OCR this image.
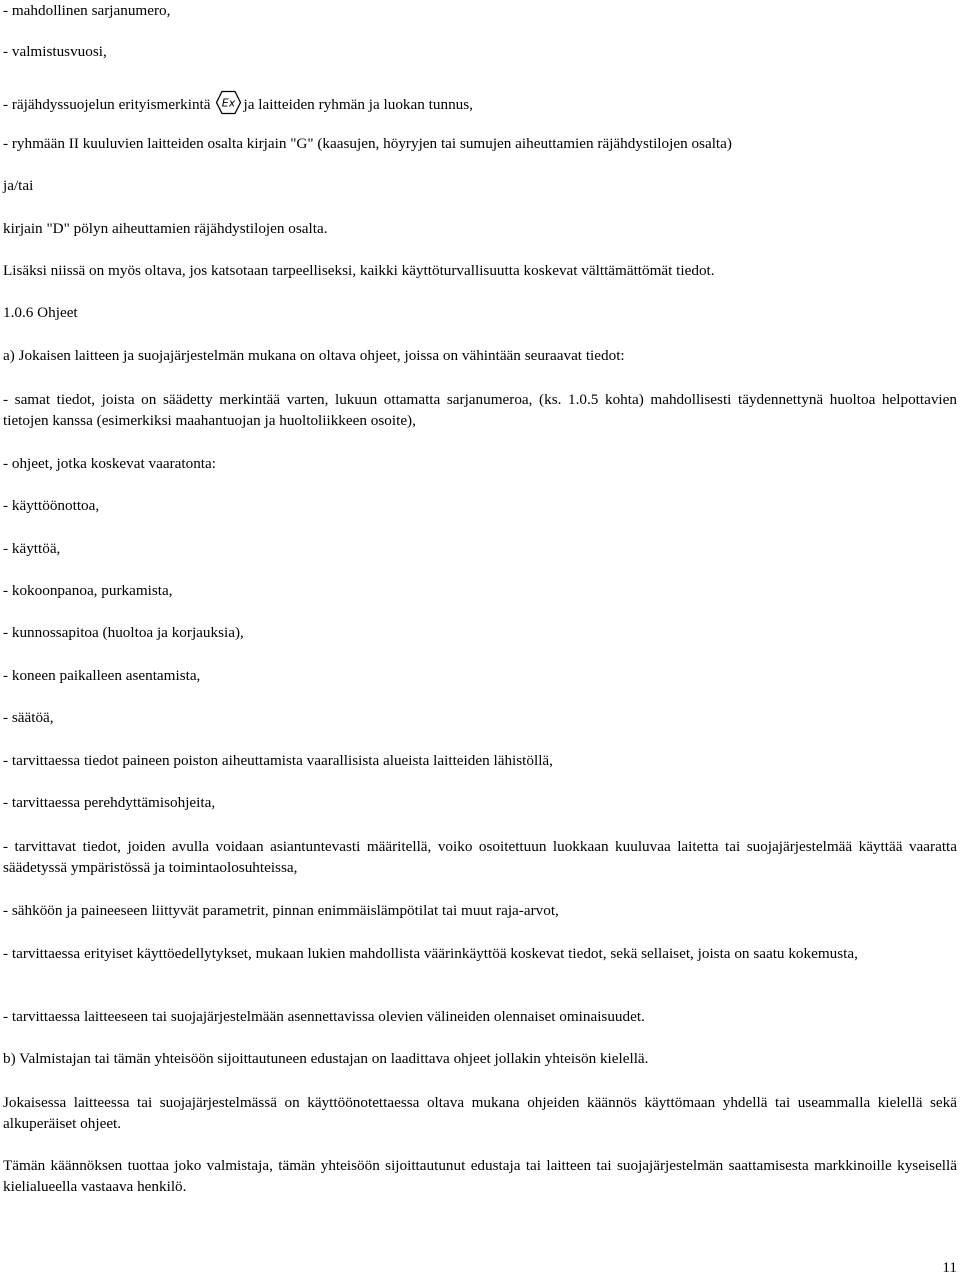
- mahdollinen sarjanumero,
- valmistusvuosi,
- räjähdyssuojelun erityismerkintä Ex ja laitteiden ryhmän ja luokan tunnus,
- ryhmään II kuuluvien laitteiden osalta kirjain "G" (kaasujen, höyryjen tai sumujen aiheuttamien räjähdystilojen osalta)
ja/tai
kirjain "D" pölyn aiheuttamien räjähdystilojen osalta.
Lisäksi niissä on myös oltava, jos katsotaan tarpeelliseksi, kaikki käyttöturvallisuutta koskevat välttämättömät tiedot.
1.0.6 Ohjeet
a) Jokaisen laitteen ja suojajärjestelmän mukana on oltava ohjeet, joissa on vähintään seuraavat tiedot:
- samat tiedot, joista on säädetty merkintää varten, lukuun ottamatta sarjanumeroa, (ks. 1.0.5 kohta) mahdollisesti täydennettynä huoltoa helpottavien tietojen kanssa (esimerkiksi maahantuojan ja huoltoliikkeen osoite),
- ohjeet, jotka koskevat vaaratonta:
- käyttöönottoa,
- käyttöä,
- kokoonpanoa, purkamista,
- kunnossapitoa (huoltoa ja korjauksia),
- koneen paikalleen asentamista,
- säätöä,
- tarvittaessa tiedot paineen poiston aiheuttamista vaarallisista alueista laitteiden lähistöllä,
- tarvittaessa perehdyttämisohjeita,
- tarvittavat tiedot, joiden avulla voidaan asiantuntevasti määritellä, voiko osoitettuun luokkaan kuuluvaa laitetta tai suojajärjestelmää käyttää vaaratta säädetyssä ympäristössä ja toimintaolosuhteissa,
- sähköön ja paineeseen liittyvät parametrit, pinnan enimmäislämpötilat tai muut raja-arvot,
- tarvittaessa erityiset käyttöedellytykset, mukaan lukien mahdollista väärinkäyttöä koskevat tiedot, sekä sellaiset, joista on saatu kokemusta,
- tarvittaessa laitteeseen tai suojajärjestelmään asennettavissa olevien välineiden olennaiset ominaisuudet.
b) Valmistajan tai tämän yhteisöön sijoittautuneen edustajan on laadittava ohjeet jollakin yhteisön kielellä.
Jokaisessa laitteessa tai suojajärjestelmässä on käyttöönotettaessa oltava mukana ohjeiden käännös käyttömaan yhdellä tai useammalla kielellä sekä alkuperäiset ohjeet.
Tämän käännöksen tuottaa joko valmistaja, tämän yhteisöön sijoittautunut edustaja tai laitteen tai suojajärjestelmän saattamisesta markkinoille kyseisellä kielialueella vastaava henkilö.
11
